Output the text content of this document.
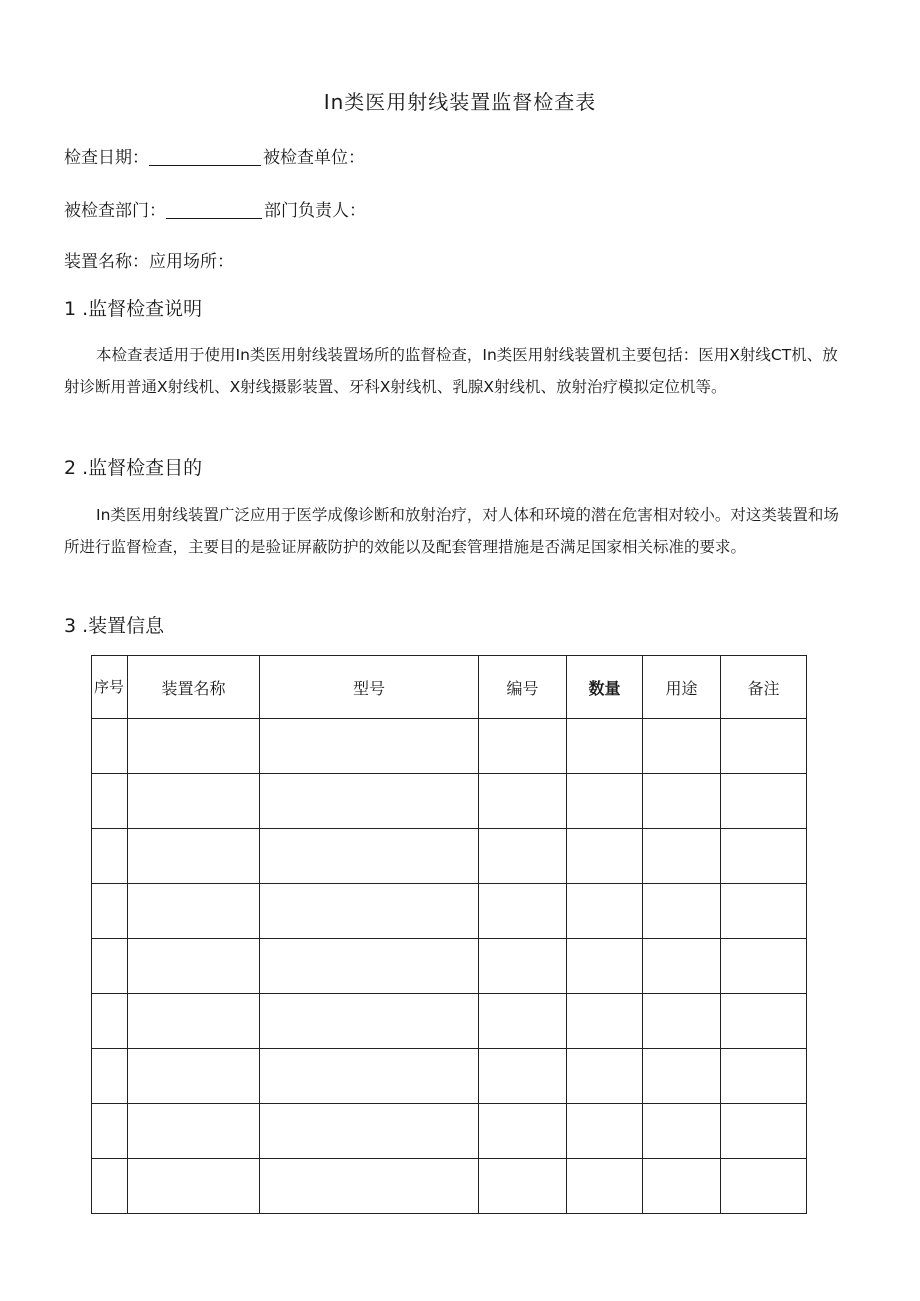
In类医用射线装置监督检查表
检查日期：	被检查单位：
被检查部门：	部门负责人：
装置名称：应用场所：
1 .监督检查说明
本检查表适用于使用In类医用射线装置场所的监督检查，In类医用射线装置机主要包括：医用X射线CT机、放射诊断用普通X射线机、X射线摄影装置、牙科X射线机、乳腺X射线机、放射治疗模拟定位机等。
2 .监督检查目的
In类医用射线装置广泛应用于医学成像诊断和放射治疗，对人体和环境的潜在危害相对较小。对这类装置和场所进行监督检查，主要目的是验证屏蔽防护的效能以及配套管理措施是否满足国家相关标准的要求。
3 .装置信息
序号	装置名称	型号	编号	数量	用途	备注
